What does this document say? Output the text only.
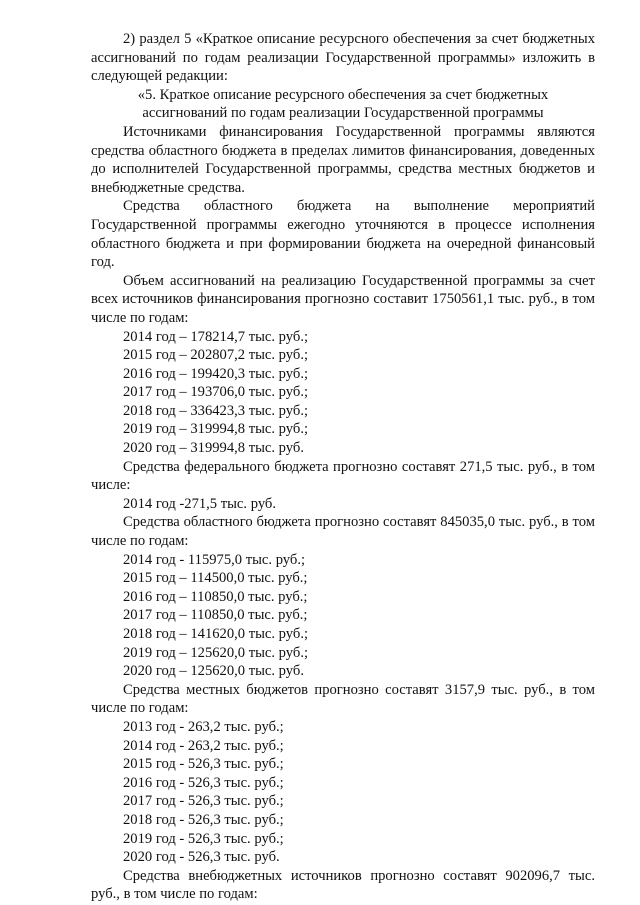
2) раздел 5 «Краткое описание ресурсного обеспечения за счет бюджетных ассигнований по годам реализации Государственной программы» изложить в следующей редакции:

«5. Краткое описание ресурсного обеспечения за счет бюджетных
ассигнований по годам реализации Государственной программы

Источниками финансирования Государственной программы являются средства областного бюджета в пределах лимитов финансирования, доведенных до исполнителей Государственной программы, средства местных бюджетов и внебюджетные средства.

Средства областного бюджета на выполнение мероприятий Государственной программы ежегодно уточняются в процессе исполнения областного бюджета и при формировании бюджета на очередной финансовый год.

Объем ассигнований на реализацию Государственной программы за счет всех источников финансирования прогнозно составит 1750561,1 тыс. руб., в том числе по годам:

2014 год – 178214,7 тыс. руб.;
2015 год – 202807,2 тыс. руб.;
2016 год – 199420,3 тыс. руб.;
2017 год – 193706,0 тыс. руб.;
2018 год – 336423,3 тыс. руб.;
2019 год – 319994,8 тыс. руб.;
2020 год – 319994,8 тыс. руб.

Средства федерального бюджета прогнозно составят 271,5 тыс. руб., в том числе:

2014 год -271,5 тыс. руб.

Средства областного бюджета прогнозно составят 845035,0 тыс. руб., в том числе по годам:

2014 год - 115975,0 тыс. руб.;
2015 год – 114500,0 тыс. руб.;
2016 год – 110850,0 тыс. руб.;
2017 год – 110850,0 тыс. руб.;
2018 год – 141620,0 тыс. руб.;
2019 год – 125620,0 тыс. руб.;
2020 год – 125620,0 тыс. руб.

Средства местных бюджетов прогнозно составят 3157,9 тыс. руб., в том числе по годам:

2013 год - 263,2 тыс. руб.;
2014 год - 263,2 тыс. руб.;
2015 год - 526,3 тыс. руб.;
2016 год - 526,3 тыс. руб.;
2017 год - 526,3 тыс. руб.;
2018 год - 526,3 тыс. руб.;
2019 год - 526,3 тыс. руб.;
2020 год - 526,3 тыс. руб.

Средства внебюджетных источников прогнозно составят 902096,7 тыс. руб., в том числе по годам:
